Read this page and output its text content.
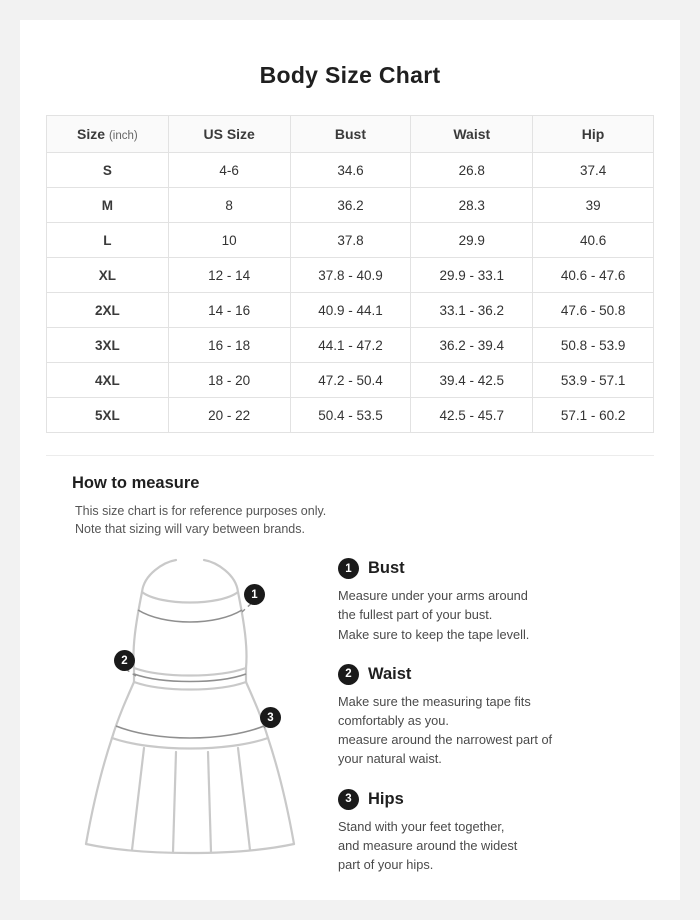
Body Size Chart
Size (inch)	US Size	Bust	Waist	Hip
S	4-6	34.6	26.8	37.4
M	8	36.2	28.3	39
L	10	37.8	29.9	40.6
XL	12 - 14	37.8 - 40.9	29.9 - 33.1	40.6 - 47.6
2XL	14 - 16	40.9 - 44.1	33.1 - 36.2	47.6 - 50.8
3XL	16 - 18	44.1 - 47.2	36.2 - 39.4	50.8 - 53.9
4XL	18 - 20	47.2 - 50.4	39.4 - 42.5	53.9 - 57.1
5XL	20 - 22	50.4 - 53.5	42.5 - 45.7	57.1 - 60.2
How to measure

This size chart is for reference purposes only.
Note that sizing will vary between brands.

1
2
3
1 Bust
Measure under your arms around
the fullest part of your bust.
Make sure to keep the tape levell.
2 Waist
Make sure the measuring tape fits
comfortably as you.
measure around the narrowest part of
your natural waist.
3 Hips
Stand with your feet together,
and measure around the widest
part of your hips.
